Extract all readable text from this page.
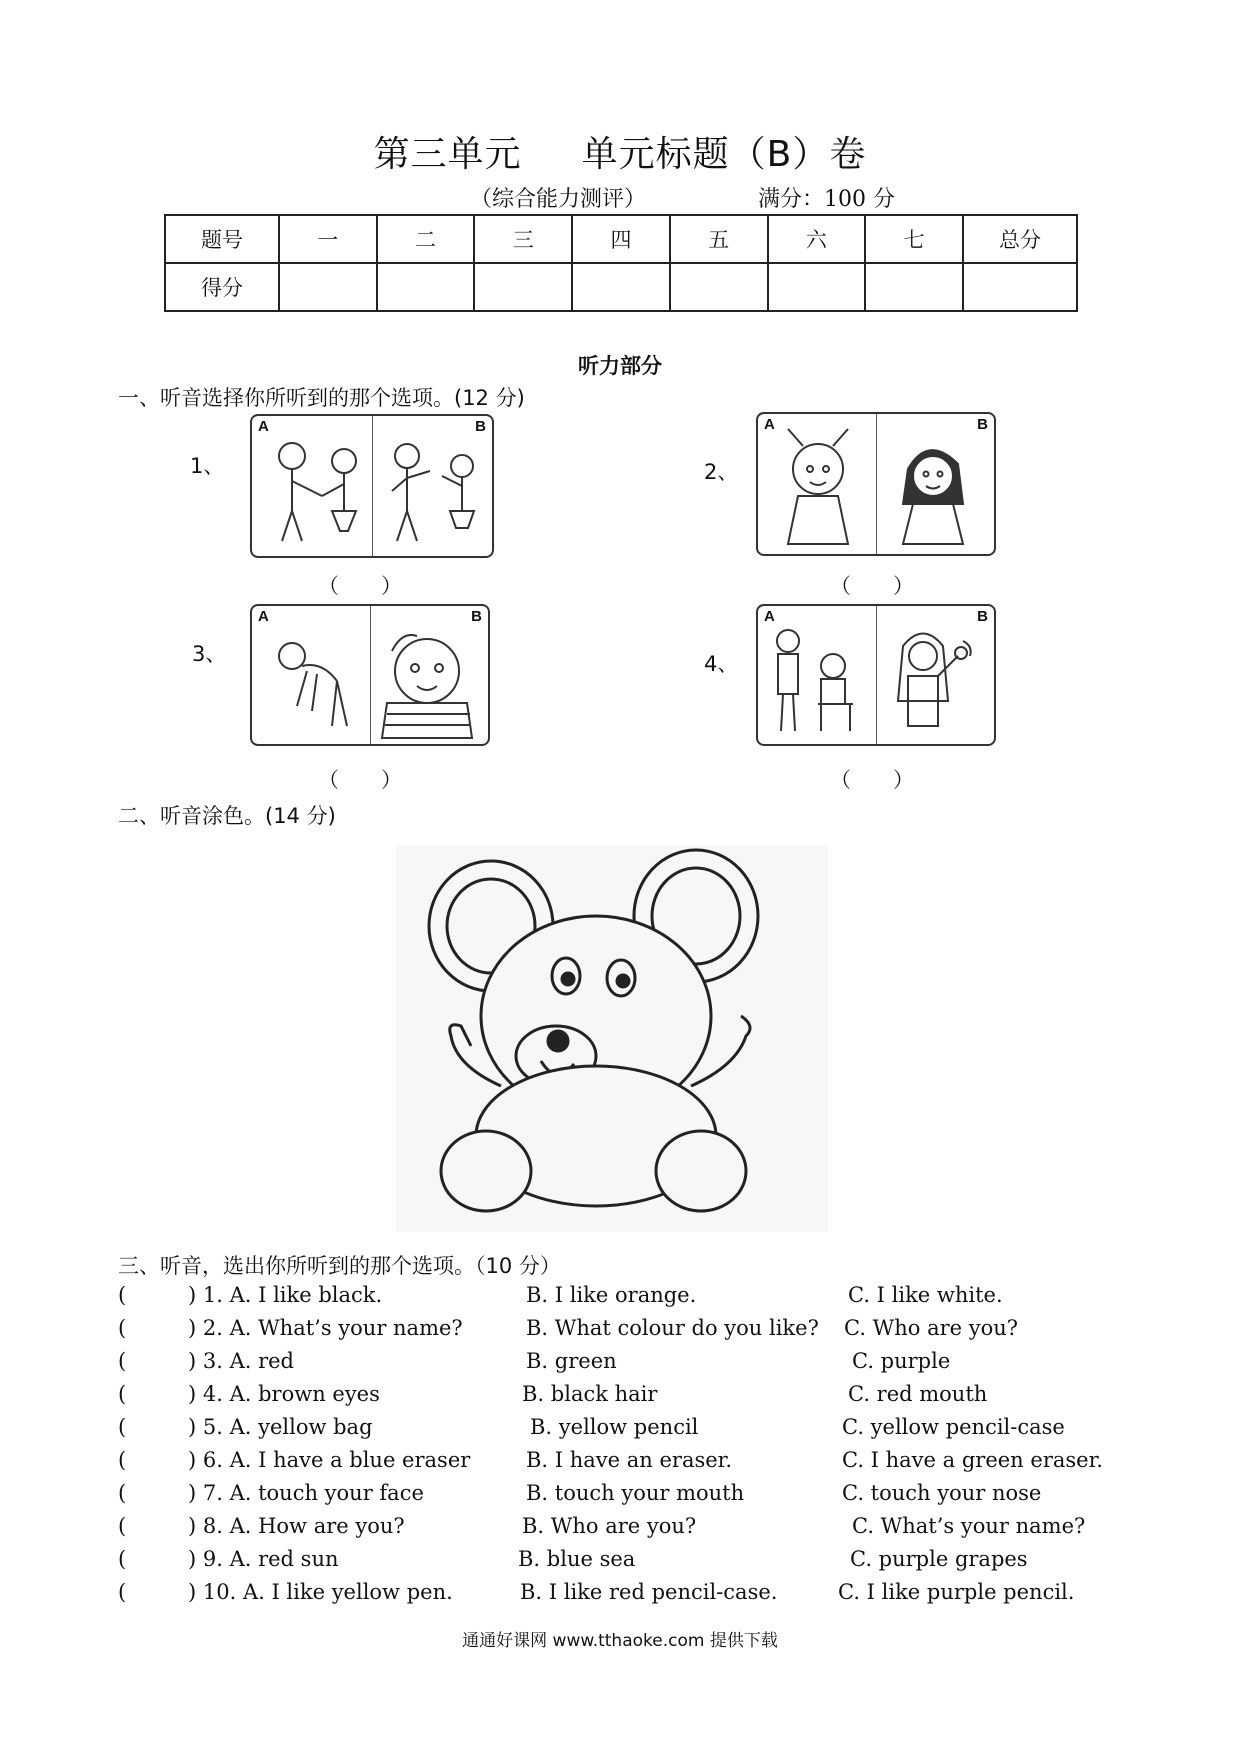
第三单元 单元标题（B）卷
（综合能力测评）	满分：100 分
题号	一	二	三	四	五	六	七	总分
得分								
听力部分
一、听音选择你所听到的那个选项。(12 分)
1、
A	B
（　　）
2、
A	B
（　　）
3、
A	B
（　　）
4、
A	B
（　　）
二、听音涂色。(14 分)
三、听音，选出你所听到的那个选项。（10 分）
(	) 1. A. I like black.	B. I like orange.	C. I like white.
(	) 2. A. What’s your name?	B. What colour do you like? C. Who are you?
(	) 3. A. red	B. green	C. purple
(	) 4. A. brown eyes	B. black hair	C. red mouth
(	) 5. A. yellow bag	B. yellow pencil	C. yellow pencil-case
(	) 6. A. I have a blue eraser	B. I have an eraser.	C. I have a green eraser.
(	) 7. A. touch your face	B. touch your mouth	C. touch your nose
(	) 8. A. How are you?	B. Who are you?	C. What’s your name?
(	) 9. A. red sun	B. blue sea	C. purple grapes
(	) 10. A. I like yellow pen.	B. I like red pencil-case.	C. I like purple pencil.
通通好课网 www.tthaoke.com 提供下载
